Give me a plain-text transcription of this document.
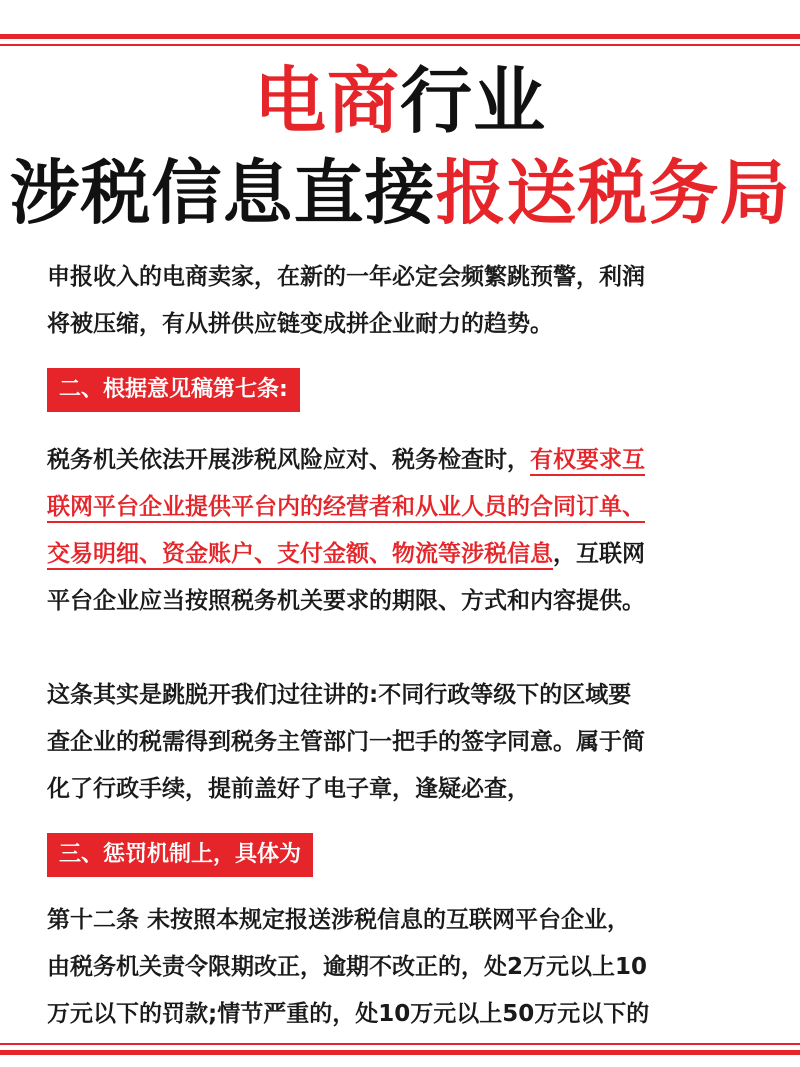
电商行业
涉税信息直接报送税务局
申报收入的电商卖家，在新的一年必定会频繁跳预警，利润
将被压缩，有从拼供应链变成拼企业耐力的趋势。
二、根据意见稿第七条:
税务机关依法开展涉税风险应对、税务检查时，有权要求互
联网平台企业提供平台内的经营者和从业人员的合同订单、
交易明细、资金账户、支付金额、物流等涉税信息，互联网
平台企业应当按照税务机关要求的期限、方式和内容提供。
这条其实是跳脱开我们过往讲的:不同行政等级下的区域要
查企业的税需得到税务主管部门一把手的签字同意。属于简
化了行政手续，提前盖好了电子章，逢疑必查，
三、惩罚机制上，具体为
第十二条 未按照本规定报送涉税信息的互联网平台企业，
由税务机关责令限期改正，逾期不改正的，处2万元以上10
万元以下的罚款;情节严重的，处10万元以上50万元以下的
